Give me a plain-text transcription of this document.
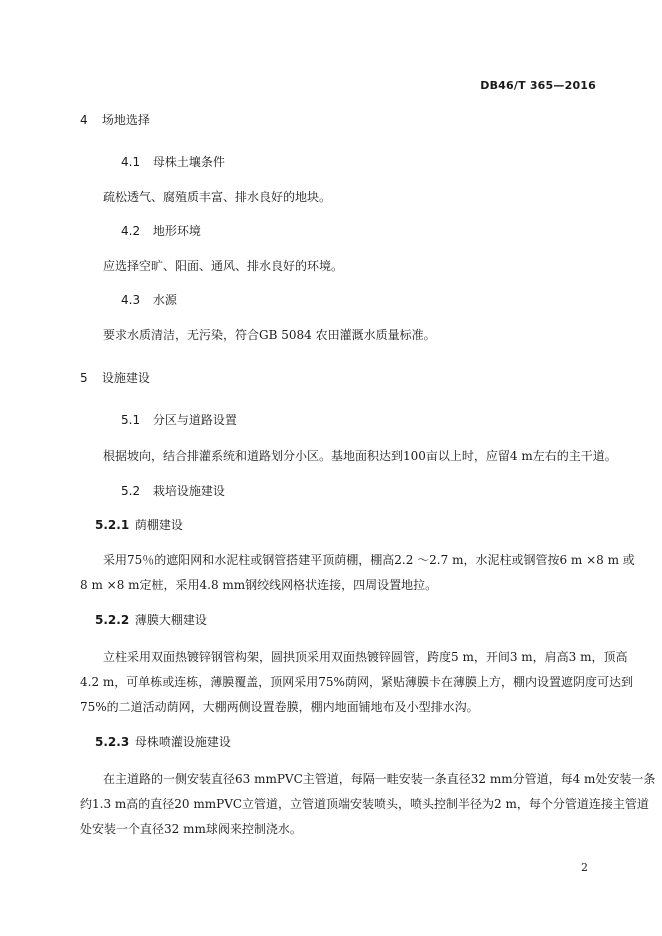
DB46/T 365—2016
4 场地选择
4.1 母株土壤条件
疏松透气、腐殖质丰富、排水良好的地块。
4.2 地形环境
应选择空旷、阳面、通风、排水良好的环境。
4.3 水源
要求水质清洁，无污染，符合GB 5084 农田灌溉水质量标准。
5 设施建设
5.1 分区与道路设置
根据坡向，结合排灌系统和道路划分小区。基地面积达到100亩以上时，应留4 m左右的主干道。
5.2 栽培设施建设
5.2.1 荫棚建设
采用75％的遮阳网和水泥柱或钢管搭建平顶荫棚，棚高2.2 ～2.7 m，水泥柱或钢管按6 m ×8 m 或
8 m ×8 m定桩，采用4.8 mm钢绞线网格状连接，四周设置地拉。
5.2.2 薄膜大棚建设
立柱采用双面热镀锌钢管构架，圆拱顶采用双面热镀锌圆管，跨度5 m，开间3 m，肩高3 m，顶高
4.2 m，可单栋或连栋，薄膜覆盖，顶网采用75%荫网，紧贴薄膜卡在薄膜上方，棚内设置遮阴度可达到
75%的二道活动荫网，大棚两侧设置卷膜，棚内地面铺地布及小型排水沟。
5.2.3 母株喷灌设施建设
在主道路的一侧安装直径63 mmPVC主管道，每隔一畦安装一条直径32 mm分管道，每4 m处安装一条
约1.3 m高的直径20 mmPVC立管道，立管道顶端安装喷头，喷头控制半径为2 m，每个分管道连接主管道
处安装一个直径32 mm球阀来控制浇水。
2
